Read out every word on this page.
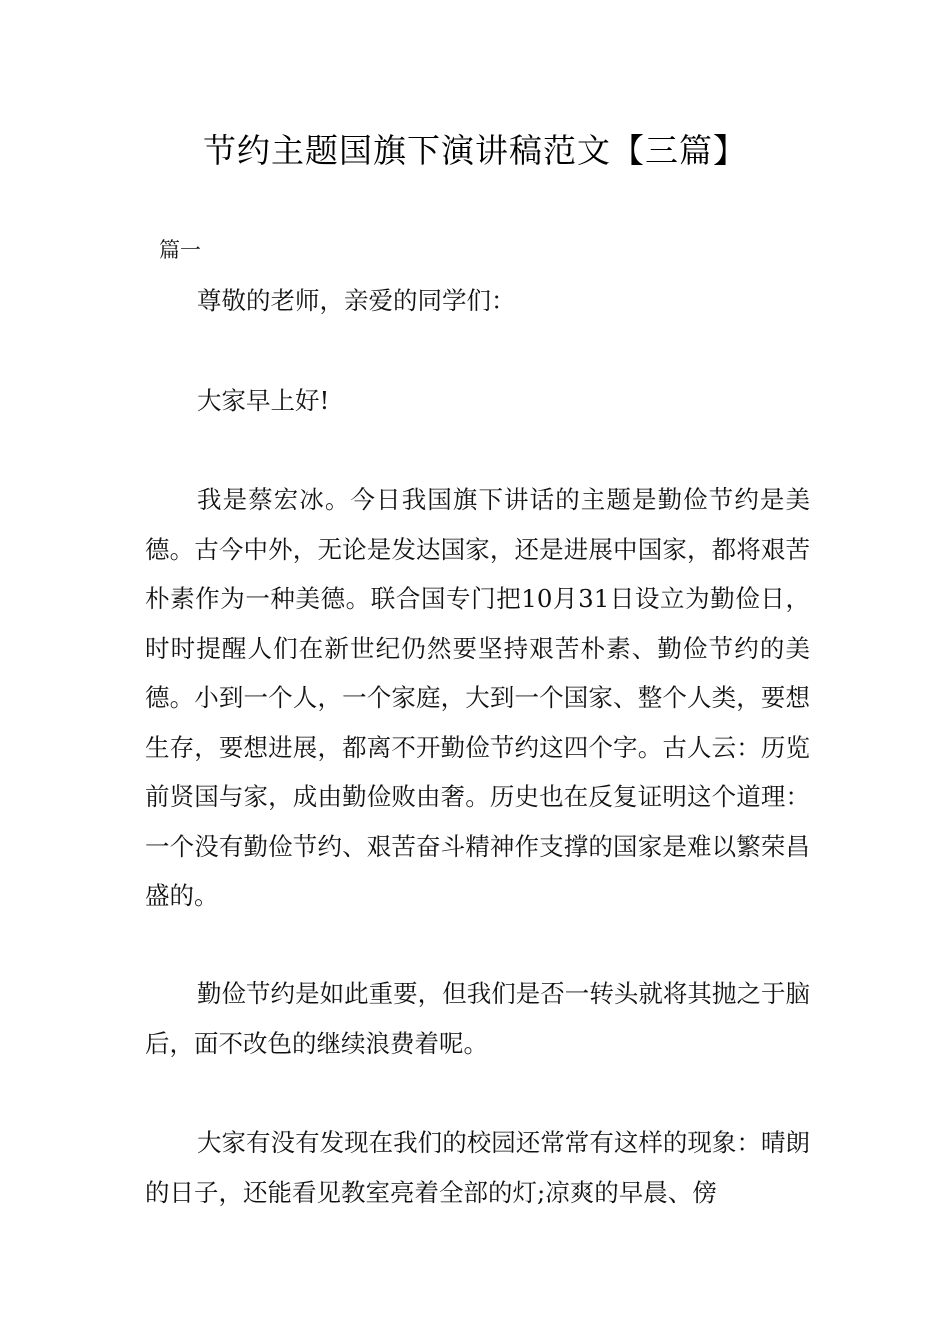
节约主题国旗下演讲稿范文【三篇】
篇一

尊敬的老师，亲爱的同学们：

大家早上好!

我是蔡宏冰。今日我国旗下讲话的主题是勤俭节约是美德。古今中外，无论是发达国家，还是进展中国家，都将艰苦朴素作为一种美德。联合国专门把10月31日设立为勤俭日，时时提醒人们在新世纪仍然要坚持艰苦朴素、勤俭节约的美德。小到一个人，一个家庭，大到一个国家、整个人类，要想生存，要想进展，都离不开勤俭节约这四个字。古人云：历览前贤国与家，成由勤俭败由奢。历史也在反复证明这个道理：一个没有勤俭节约、艰苦奋斗精神作支撑的国家是难以繁荣昌盛的。

勤俭节约是如此重要，但我们是否一转头就将其抛之于脑后，面不改色的继续浪费着呢。

大家有没有发现在我们的校园还常常有这样的现象：晴朗的日子，还能看见教室亮着全部的灯;凉爽的早晨、傍
